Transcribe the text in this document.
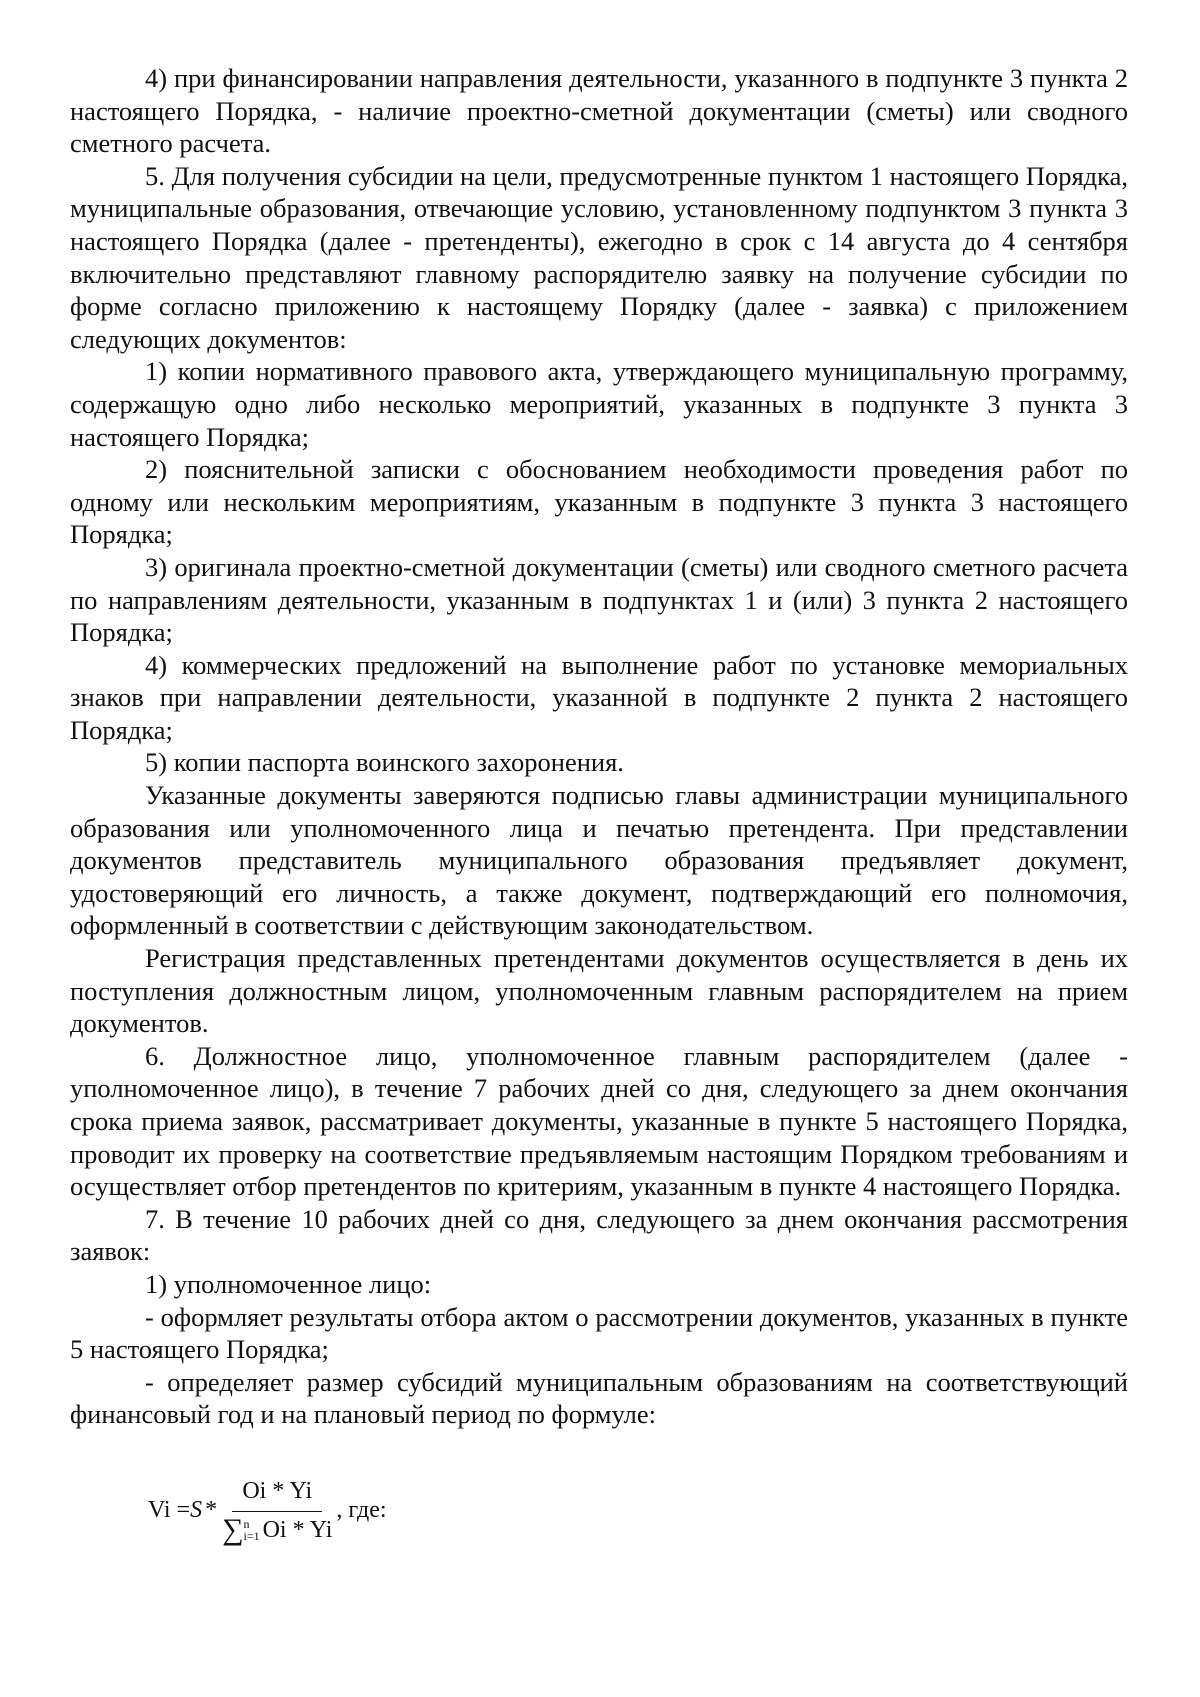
4) при финансировании направления деятельности, указанного в подпункте 3 пункта 2 настоящего Порядка, - наличие проектно-сметной документации (сметы) или сводного сметного расчета.

5. Для получения субсидии на цели, предусмотренные пунктом 1 настоящего Порядка, муниципальные образования, отвечающие условию, установленному подпунктом 3 пункта 3 настоящего Порядка (далее - претенденты), ежегодно в срок с 14 августа до 4 сентября включительно представляют главному распорядителю заявку на получение субсидии по форме согласно приложению к настоящему Порядку (далее - заявка) с приложением следующих документов:

1) копии нормативного правового акта, утверждающего муниципальную программу, содержащую одно либо несколько мероприятий, указанных в подпункте 3 пункта 3 настоящего Порядка;

2) пояснительной записки с обоснованием необходимости проведения работ по одному или нескольким мероприятиям, указанным в подпункте 3 пункта 3 настоящего Порядка;

3) оригинала проектно-сметной документации (сметы) или сводного сметного расчета по направлениям деятельности, указанным в подпунктах 1 и (или) 3 пункта 2 настоящего Порядка;

4) коммерческих предложений на выполнение работ по установке мемориальных знаков при направлении деятельности, указанной в подпункте 2 пункта 2 настоящего Порядка;

5) копии паспорта воинского захоронения.

Указанные документы заверяются подписью главы администрации муниципального образования или уполномоченного лица и печатью претендента. При представлении документов представитель муниципального образования предъявляет документ, удостоверяющий его личность, а также документ, подтверждающий его полномочия, оформленный в соответствии с действующим законодательством.

Регистрация представленных претендентами документов осуществляется в день их поступления должностным лицом, уполномоченным главным распорядителем на прием документов.

6. Должностное лицо, уполномоченное главным распорядителем (далее - уполномоченное лицо), в течение 7 рабочих дней со дня, следующего за днем окончания срока приема заявок, рассматривает документы, указанные в пункте 5 настоящего Порядка, проводит их проверку на соответствие предъявляемым настоящим Порядком требованиям и осуществляет отбор претендентов по критериям, указанным в пункте 4 настоящего Порядка.

7. В течение 10 рабочих дней со дня, следующего за днем окончания рассмотрения заявок:

1) уполномоченное лицо:

- оформляет результаты отбора актом о рассмотрении документов, указанных в пункте 5 настоящего Порядка;

- определяет размер субсидий муниципальным образованиям на соответствующий финансовый год и на плановый период по формуле:

Vi = S *
Oi * Yi
∑ n
i=1 Oi * Yi
, где:
